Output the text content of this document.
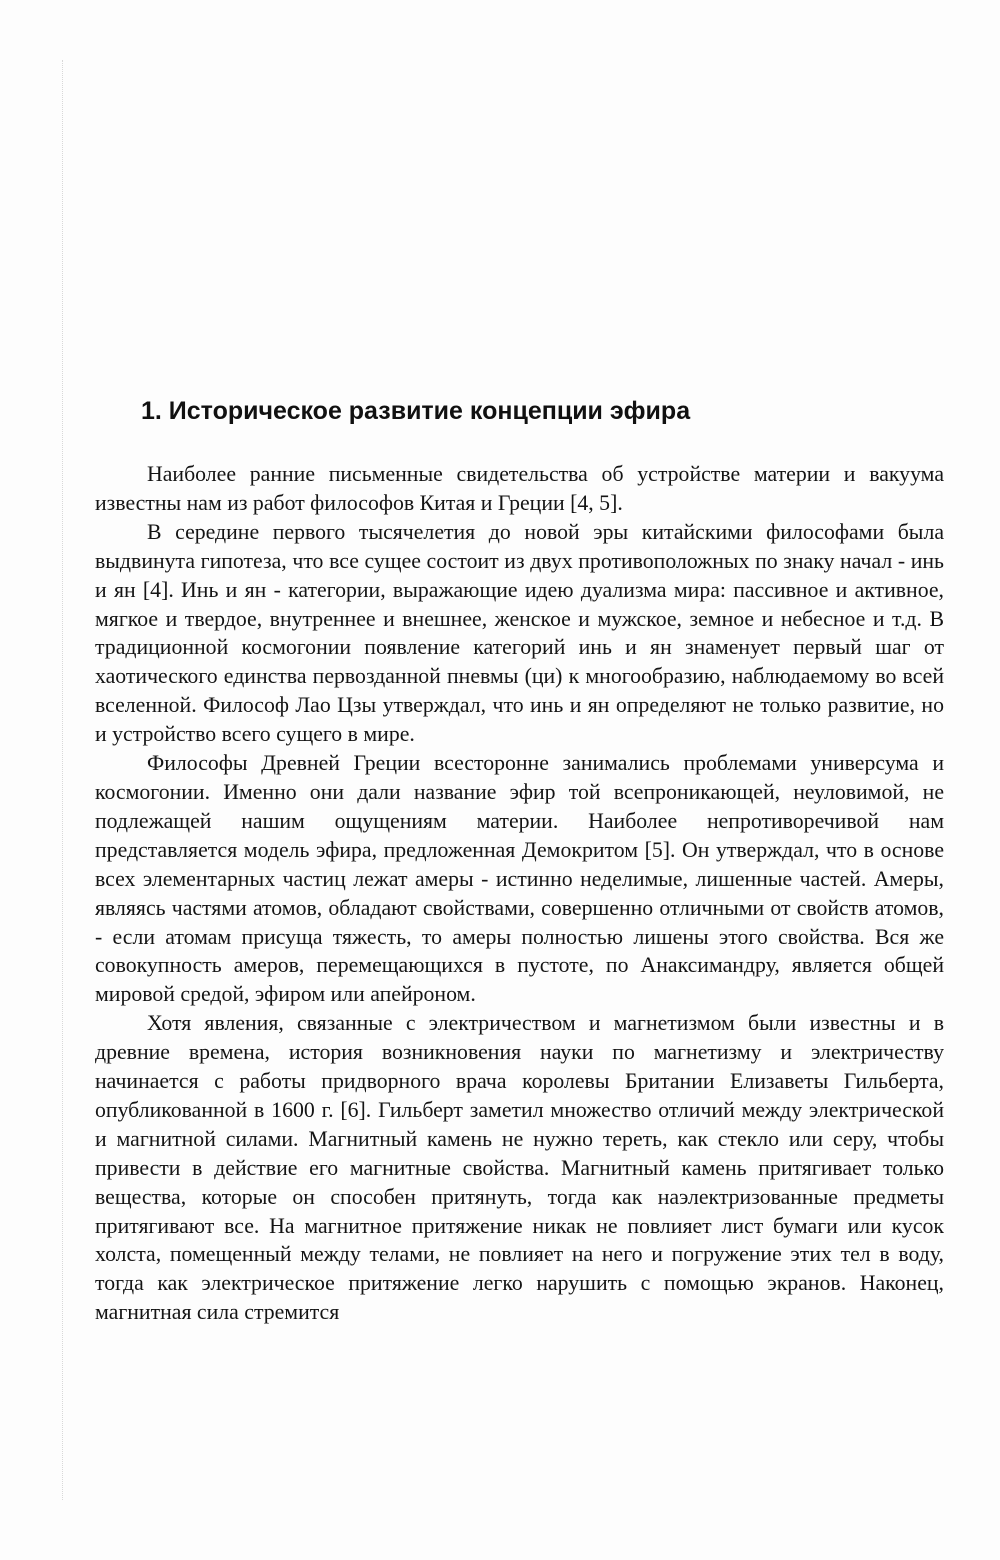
1. Историческое развитие концепции эфира

Наиболее ранние письменные свидетельства об устройстве материи и вакуума известны нам из работ философов Китая и Греции [4, 5].

В середине первого тысячелетия до новой эры китайскими философами была выдвинута гипотеза, что все сущее состоит из двух противоположных по знаку начал - инь и ян [4]. Инь и ян - категории, выражающие идею дуализма мира: пассивное и активное, мягкое и твердое, внутреннее и внешнее, женское и мужское, земное и небесное и т.д. В традиционной космогонии появление категорий инь и ян знаменует первый шаг от хаотического единства первозданной пневмы (ци) к многообразию, наблюдаемому во всей вселенной. Философ Лао Цзы утверждал, что инь и ян определяют не только развитие, но и устройство всего сущего в мире.

Философы Древней Греции всесторонне занимались проблемами универсума и космогонии. Именно они дали название эфир той всепроникающей, неуловимой, не подлежащей нашим ощущениям материи. Наиболее непротиворечивой нам представляется модель эфира, предложенная Демокритом [5]. Он утверждал, что в основе всех элементарных частиц лежат амеры - истинно неделимые, лишенные частей. Амеры, являясь частями атомов, обладают свойствами, совершенно отличными от свойств атомов, - если атомам присуща тяжесть, то амеры полностью лишены этого свойства. Вся же совокупность амеров, перемещающихся в пустоте, по Анаксимандру, является общей мировой средой, эфиром или апейроном.

Хотя явления, связанные с электричеством и магнетизмом были известны и в древние времена, история возникновения науки по магнетизму и электричеству начинается с работы придворного врача королевы Британии Елизаветы Гильберта, опубликованной в 1600 г. [6]. Гильберт заметил множество отличий между электрической и магнитной силами. Магнитный камень не нужно тереть, как стекло или серу, чтобы привести в действие его магнитные свойства. Магнитный камень притягивает только вещества, которые он способен притянуть, тогда как наэлектризованные предметы притягивают все. На магнитное притяжение никак не повлияет лист бумаги или кусок холста, помещенный между телами, не повлияет на него и погружение этих тел в воду, тогда как электрическое притяжение легко нарушить с помощью экранов. Наконец, магнитная сила стремится
